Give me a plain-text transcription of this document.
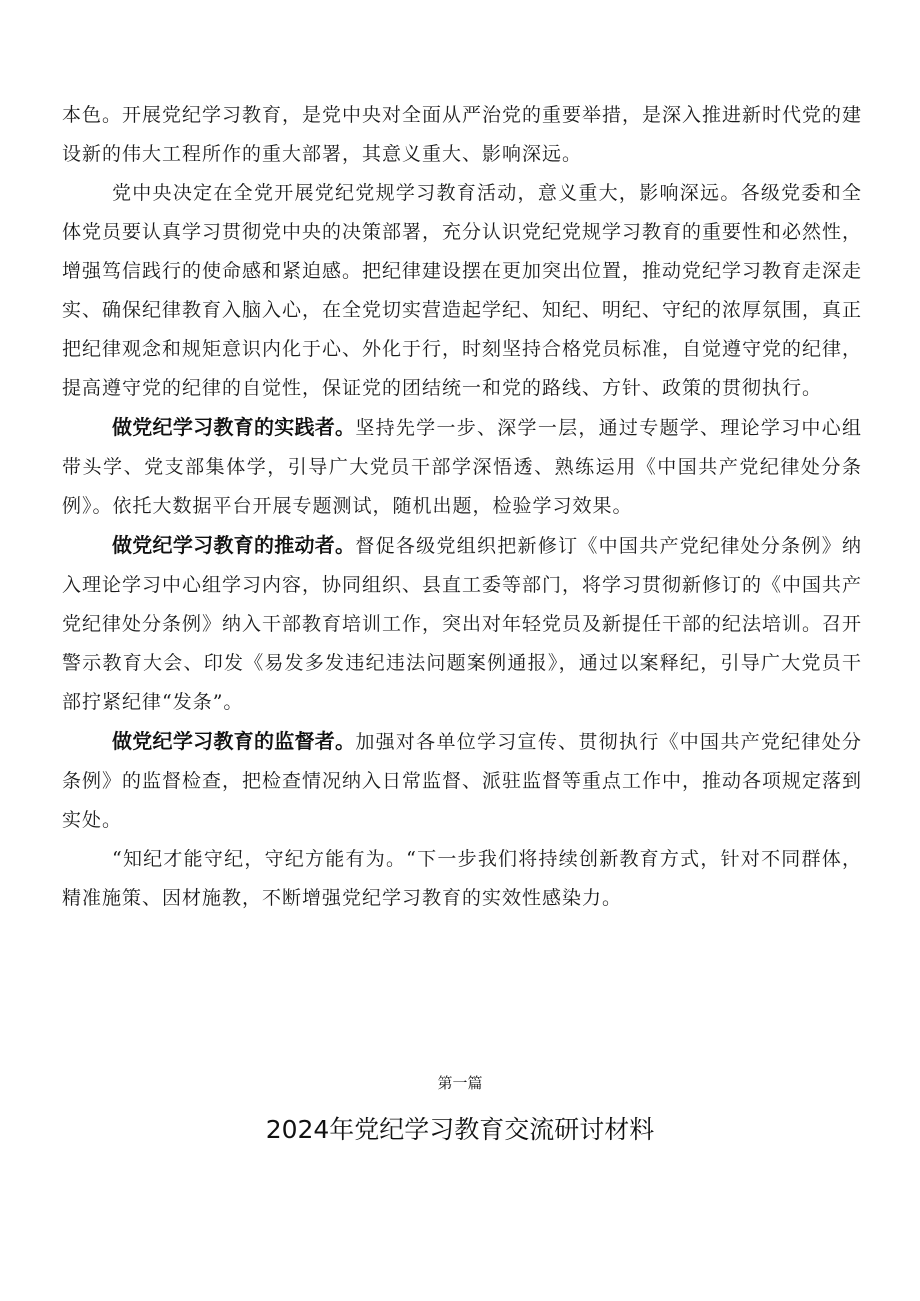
本色。开展党纪学习教育，是党中央对全面从严治党的重要举措，是深入推进新时代党的建设新的伟大工程所作的重大部署，其意义重大、影响深远。

党中央决定在全党开展党纪党规学习教育活动，意义重大，影响深远。各级党委和全体党员要认真学习贯彻党中央的决策部署，充分认识党纪党规学习教育的重要性和必然性，增强笃信践行的使命感和紧迫感。把纪律建设摆在更加突出位置，推动党纪学习教育走深走实、确保纪律教育入脑入心，在全党切实营造起学纪、知纪、明纪、守纪的浓厚氛围，真正把纪律观念和规矩意识内化于心、外化于行，时刻坚持合格党员标准，自觉遵守党的纪律，提高遵守党的纪律的自觉性，保证党的团结统一和党的路线、方针、政策的贯彻执行。

做党纪学习教育的实践者。坚持先学一步、深学一层，通过专题学、理论学习中心组带头学、党支部集体学，引导广大党员干部学深悟透、熟练运用《中国共产党纪律处分条例》。依托大数据平台开展专题测试，随机出题，检验学习效果。

做党纪学习教育的推动者。督促各级党组织把新修订《中国共产党纪律处分条例》纳入理论学习中心组学习内容，协同组织、县直工委等部门，将学习贯彻新修订的《中国共产党纪律处分条例》纳入干部教育培训工作，突出对年轻党员及新提任干部的纪法培训。召开警示教育大会、印发《易发多发违纪违法问题案例通报》，通过以案释纪，引导广大党员干部拧紧纪律“发条”。

做党纪学习教育的监督者。加强对各单位学习宣传、贯彻执行《中国共产党纪律处分条例》的监督检查，把检查情况纳入日常监督、派驻监督等重点工作中，推动各项规定落到实处。

“知纪才能守纪，守纪方能有为。“下一步我们将持续创新教育方式，针对不同群体，精准施策、因材施教，不断增强党纪学习教育的实效性感染力。

第一篇
2024年党纪学习教育交流研讨材料
